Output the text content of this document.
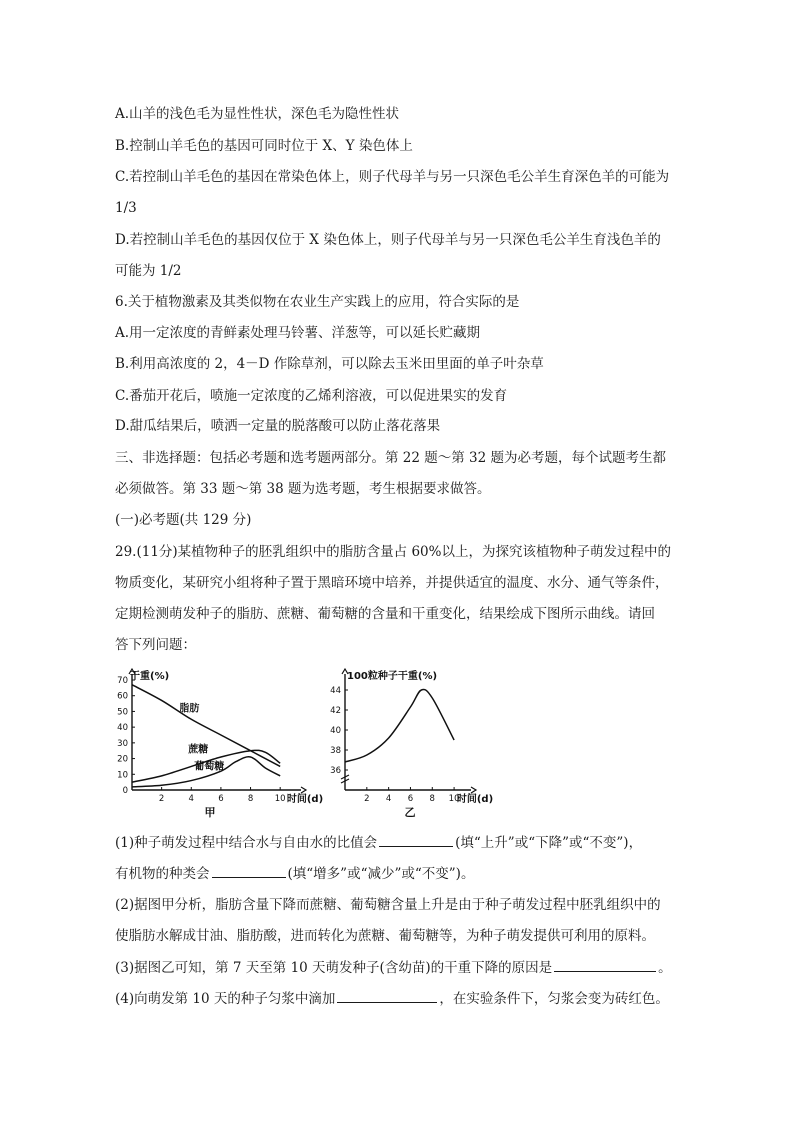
A.山羊的浅色毛为显性性状，深色毛为隐性性状
B.控制山羊毛色的基因可同时位于 X、Y 染色体上
C.若控制山羊毛色的基因在常染色体上，则子代母羊与另一只深色毛公羊生育深色羊的可能为
1/3
D.若控制山羊毛色的基因仅位于 X 染色体上，则子代母羊与另一只深色毛公羊生育浅色羊的
可能为 1/2
6.关于植物激素及其类似物在农业生产实践上的应用，符合实际的是
A.用一定浓度的青鲜素处理马铃薯、洋葱等，可以延长贮藏期
B.利用高浓度的 2，4－D 作除草剂，可以除去玉米田里面的单子叶杂草
C.番茄开花后，喷施一定浓度的乙烯利溶液，可以促进果实的发育
D.甜瓜结果后，喷洒一定量的脱落酸可以防止落花落果
三、非选择题：包括必考题和选考题两部分。第 22 题～第 32 题为必考题，每个试题考生都
必须做答。第 33 题～第 38 题为选考题，考生根据要求做答。
(一)必考题(共 129 分)
29.(11分)某植物种子的胚乳组织中的脂肪含量占 60%以上，为探究该植物种子萌发过程中的
物质变化，某研究小组将种子置于黑暗环境中培养，并提供适宜的温度、水分、通气等条件，
定期检测萌发种子的脂肪、蔗糖、葡萄糖的含量和干重变化，结果绘成下图所示曲线。请回
答下列问题：
2	4	6	8	10
0
10
20
30
40
50
60
70 干重(%)
时间(d)
甲
脂肪
蔗糖
葡萄糖
2 4 6 8 10
36
38
40
42
44
100粒种子干重(%)
时间(d)
乙
(1)种子萌发过程中结合水与自由水的比值会	(填“上升”或“下降”或“不变”)，
有机物的种类会	(填“增多”或“减少”或“不变”)。
(2)据图甲分析，脂肪含量下降而蔗糖、葡萄糖含量上升是由于种子萌发过程中胚乳组织中的
使脂肪水解成甘油、脂肪酸，进而转化为蔗糖、葡萄糖等，为种子萌发提供可利用的原料。
(3)据图乙可知，第 7 天至第 10 天萌发种子(含幼苗)的干重下降的原因是	。
(4)向萌发第 10 天的种子匀浆中滴加	，在实验条件下，匀浆会变为砖红色。
